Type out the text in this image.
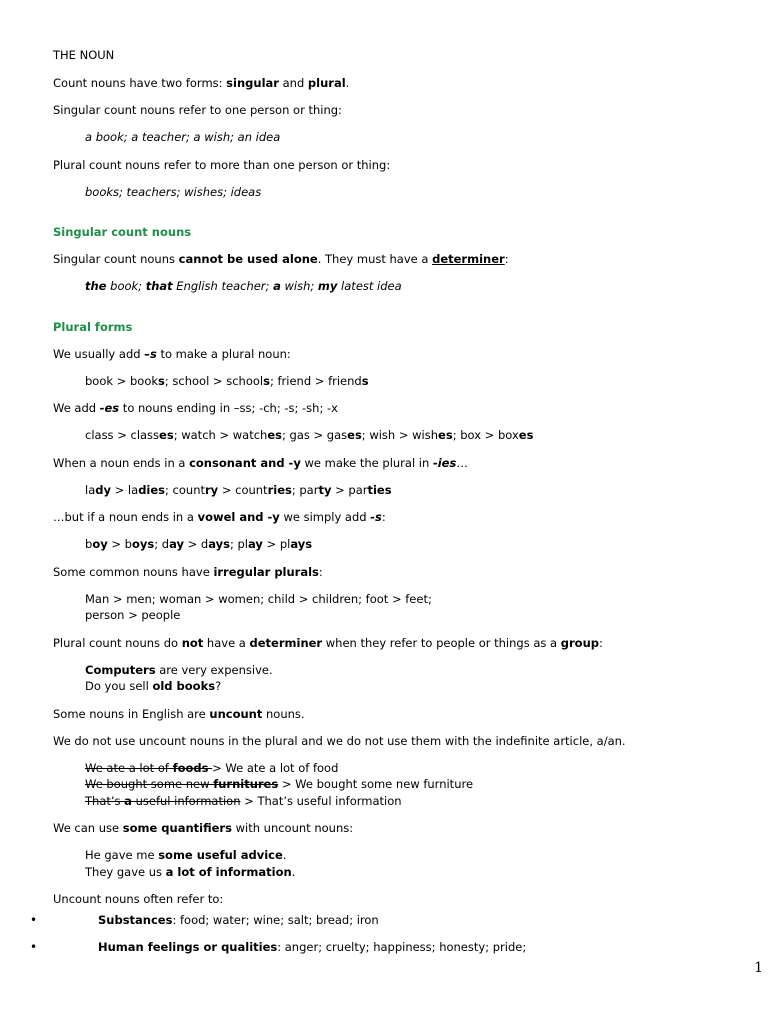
THE NOUN
Count nouns have two forms: singular and plural.
Singular count nouns refer to one person or thing:
a book; a teacher; a wish; an idea
Plural count nouns refer to more than one person or thing:
books; teachers; wishes; ideas
Singular count nouns
Singular count nouns cannot be used alone. They must have a determiner:
the book; that English teacher; a wish; my latest idea
Plural forms
We usually add –s to make a plural noun:
book > books; school > schools; friend > friends
We add -es to nouns ending in –ss; -ch; -s; -sh; -x
class > classes; watch > watches; gas > gases; wish > wishes; box > boxes
When a noun ends in a consonant and -y we make the plural in -ies…
lady > ladies; country > countries; party > parties
…but if a noun ends in a vowel and -y we simply add -s:
boy > boys; day > days; play > plays
Some common nouns have irregular plurals:
Man > men; woman > women; child > children; foot > feet;
person > people
Plural count nouns do not have a determiner when they refer to people or things as a group:
Computers are very expensive.
Do you sell old books?
Some nouns in English are uncount nouns.
We do not use uncount nouns in the plural and we do not use them with the indefinite article, a/an.
We ate a lot of foods > We ate a lot of food
We bought some new furnitures > We bought some new furniture
That’s a useful information > That’s useful information
We can use some quantifiers with uncount nouns:
He gave me some useful advice.
They gave us a lot of information.
Uncount nouns often refer to:
•	Substances: food; water; wine; salt; bread; iron
•	Human feelings or qualities: anger; cruelty; happiness; honesty; pride;
1
